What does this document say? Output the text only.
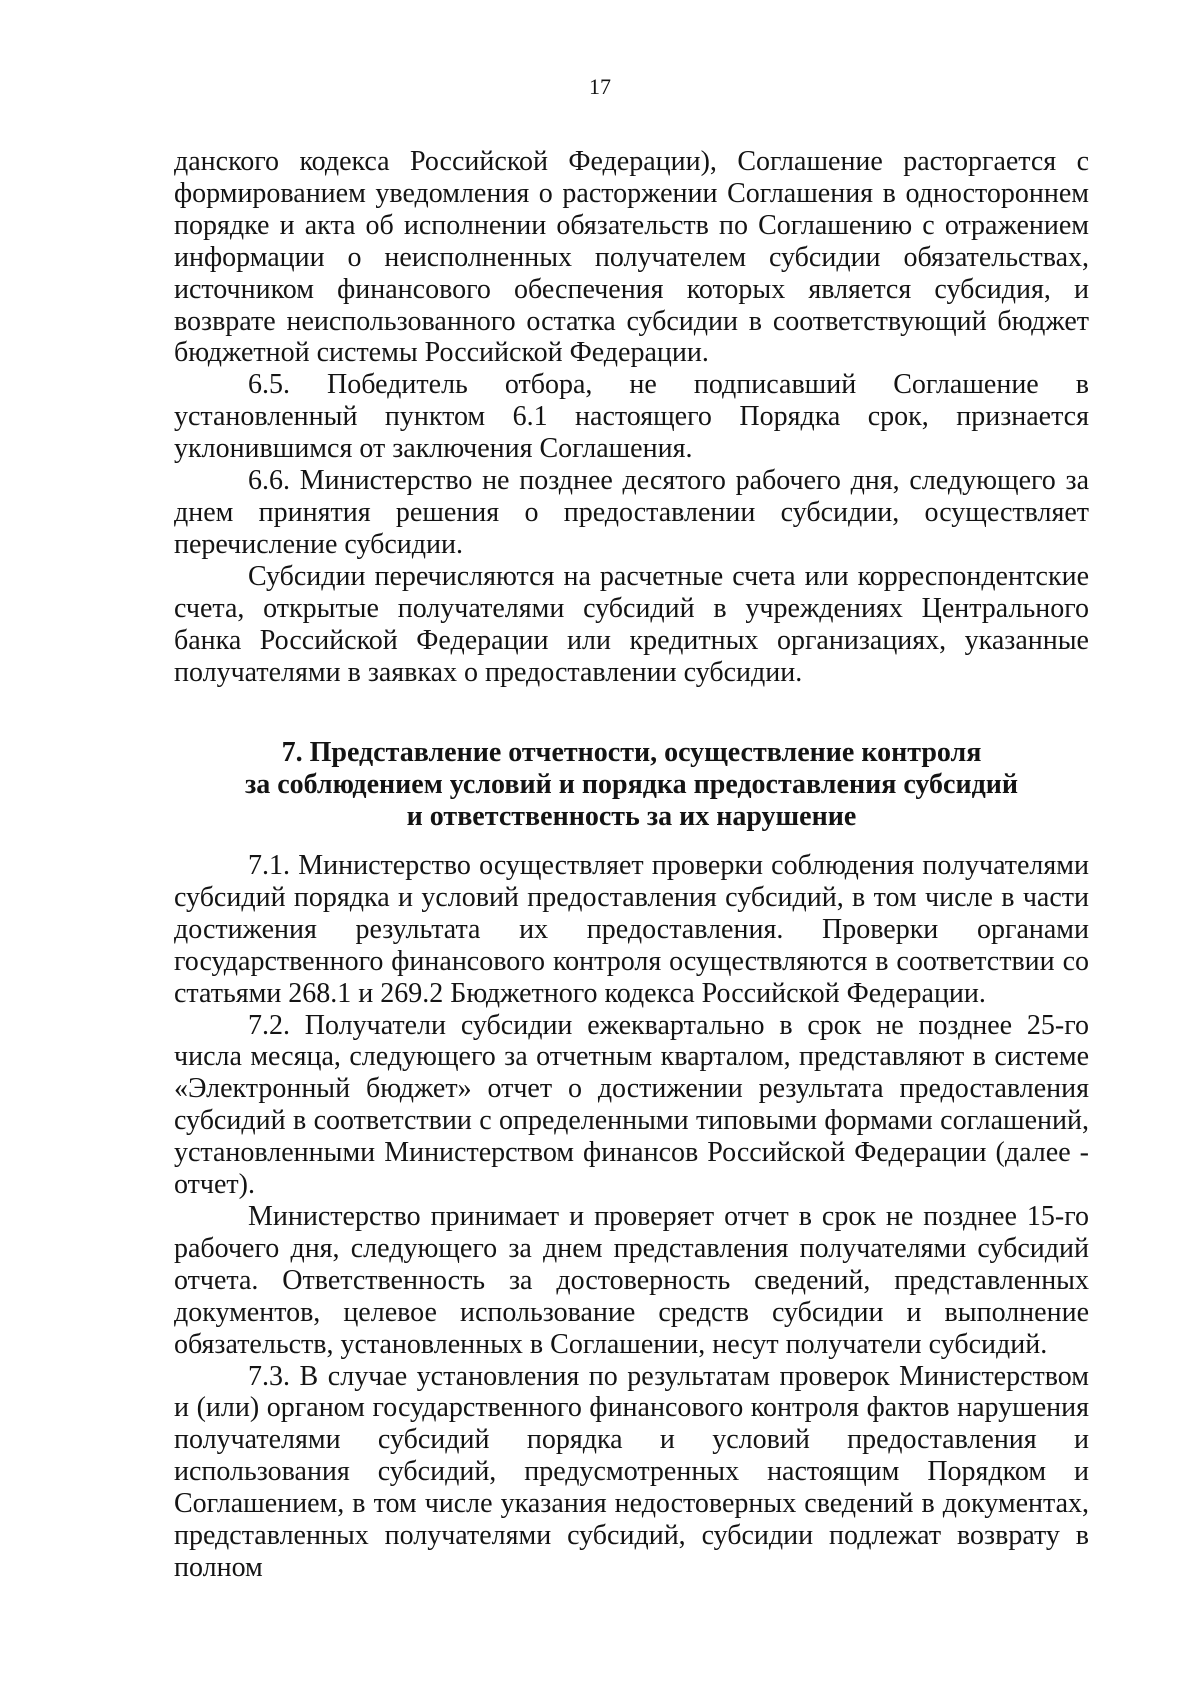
17

данского кодекса Российской Федерации), Соглашение расторгается с формированием уведомления о расторжении Соглашения в одностороннем порядке и акта об исполнении обязательств по Соглашению с отражением информации о неисполненных получателем субсидии обязательствах, источником финансового обеспечения которых является субсидия, и возврате неиспользованного остатка субсидии в соответствующий бюджет бюджетной системы Российской Федерации.

6.5. Победитель отбора, не подписавший Соглашение в установленный пунктом 6.1 настоящего Порядка срок, признается уклонившимся от заключения Соглашения.

6.6. Министерство не позднее десятого рабочего дня, следующего за днем принятия решения о предоставлении субсидии, осуществляет перечисление субсидии.

Субсидии перечисляются на расчетные счета или корреспондентские счета, открытые получателями субсидий в учреждениях Центрального банка Российской Федерации или кредитных организациях, указанные получателями в заявках о предоставлении субсидии.

7. Представление отчетности, осуществление контроля
за соблюдением условий и порядка предоставления субсидий
и ответственность за их нарушение

7.1. Министерство осуществляет проверки соблюдения получателями субсидий порядка и условий предоставления субсидий, в том числе в части достижения результата их предоставления. Проверки органами государственного финансового контроля осуществляются в соответствии со статьями 268.1 и 269.2 Бюджетного кодекса Российской Федерации.

7.2. Получатели субсидии ежеквартально в срок не позднее 25-го числа месяца, следующего за отчетным кварталом, представляют в системе «Электронный бюджет» отчет о достижении результата предоставления субсидий в соответствии с определенными типовыми формами соглашений, установленными Министерством финансов Российской Федерации (далее - отчет).

Министерство принимает и проверяет отчет в срок не позднее 15-го рабочего дня, следующего за днем представления получателями субсидий отчета. Ответственность за достоверность сведений, представленных документов, целевое использование средств субсидии и выполнение обязательств, установленных в Соглашении, несут получатели субсидий.

7.3. В случае установления по результатам проверок Министерством и (или) органом государственного финансового контроля фактов нарушения получателями субсидий порядка и условий предоставления и использования субсидий, предусмотренных настоящим Порядком и Соглашением, в том числе указания недостоверных сведений в документах, представленных получателями субсидий, субсидии подлежат возврату в полном
